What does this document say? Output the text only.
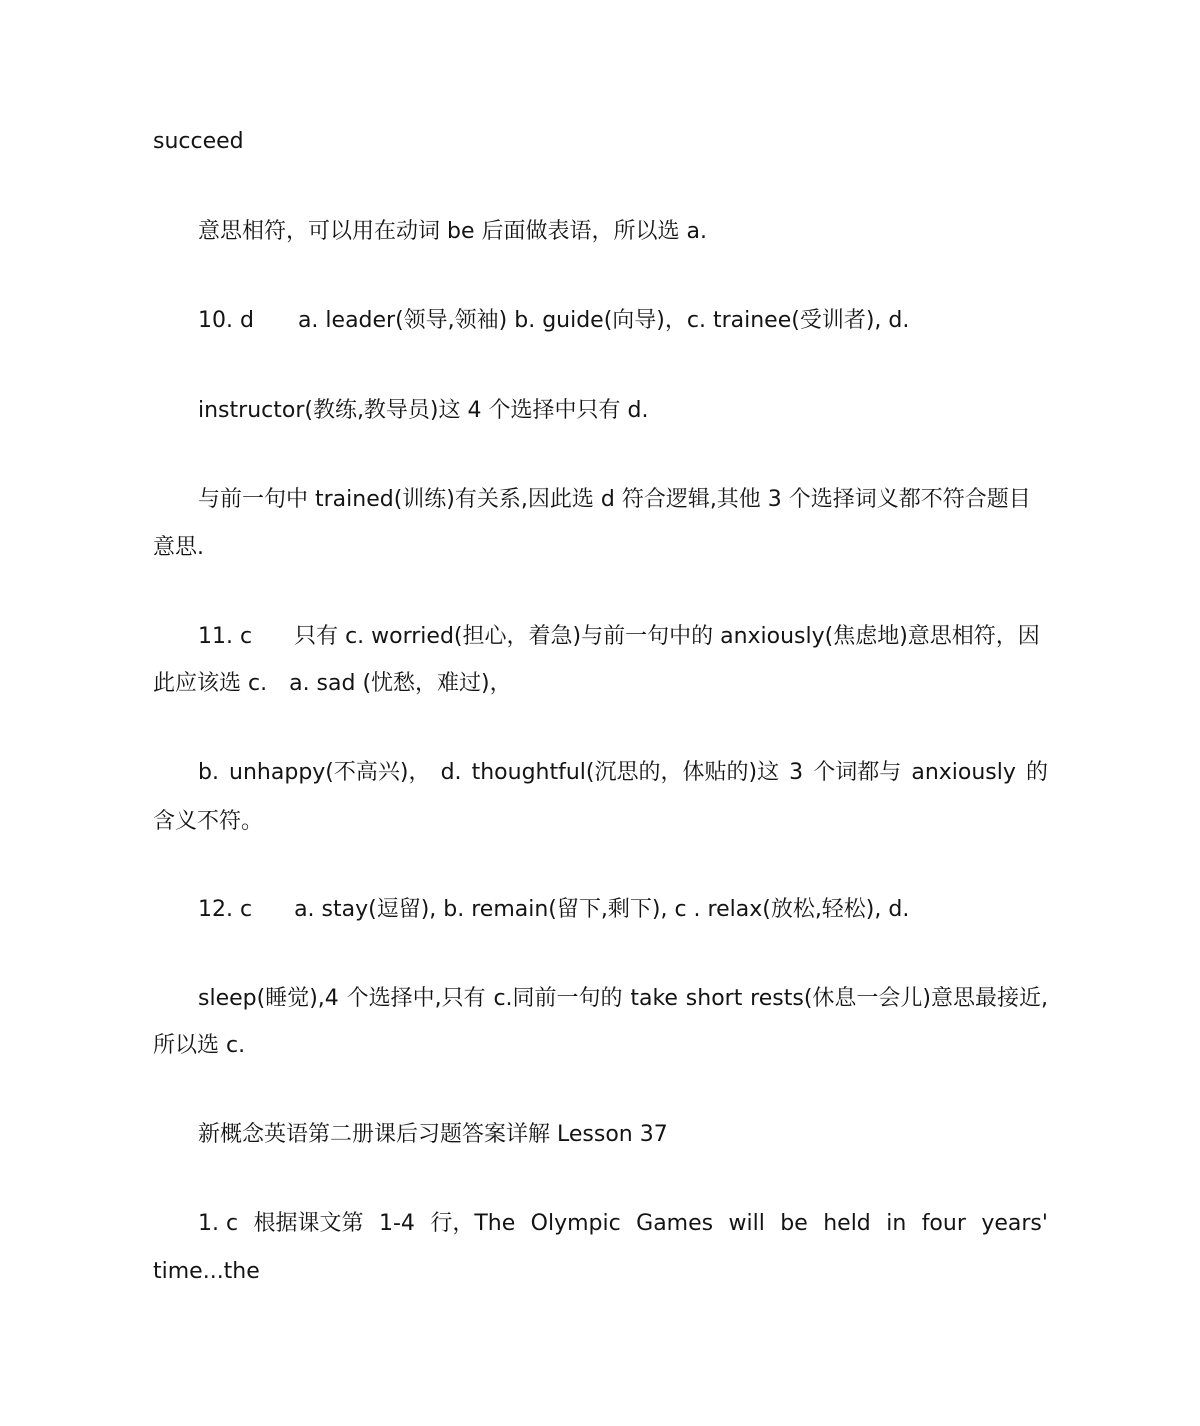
succeed
意思相符，可以用在动词 be 后面做表语，所以选 a.
10. d a. leader(领导,领袖) b. guide(向导)，c. trainee(受训者), d.
instructor(教练,教导员)这 4 个选择中只有 d.
与前一句中 trained(训练)有关系,因此选 d 符合逻辑,其他 3 个选择词义都不符合题目
意思.
11. c 只有 c. worried(担心，着急)与前一句中的 anxiously(焦虑地)意思相符，因
此应该选 c.　a. sad (忧愁，难过)，
b. unhappy(不高兴)， d. thoughtful(沉思的，体贴的)这 3 个词都与 anxiously 的
含义不符。
12. c a. stay(逗留), b. remain(留下,剩下), c . relax(放松,轻松), d.
sleep(睡觉),4 个选择中,只有 c.同前一句的 take short rests(休息一会儿)意思最接近,
所以选 c.
新概念英语第二册课后习题答案详解 Lesson 37
1. c 根据课文第 1-4 行，The Olympic Games will be held in four years'
time...the
